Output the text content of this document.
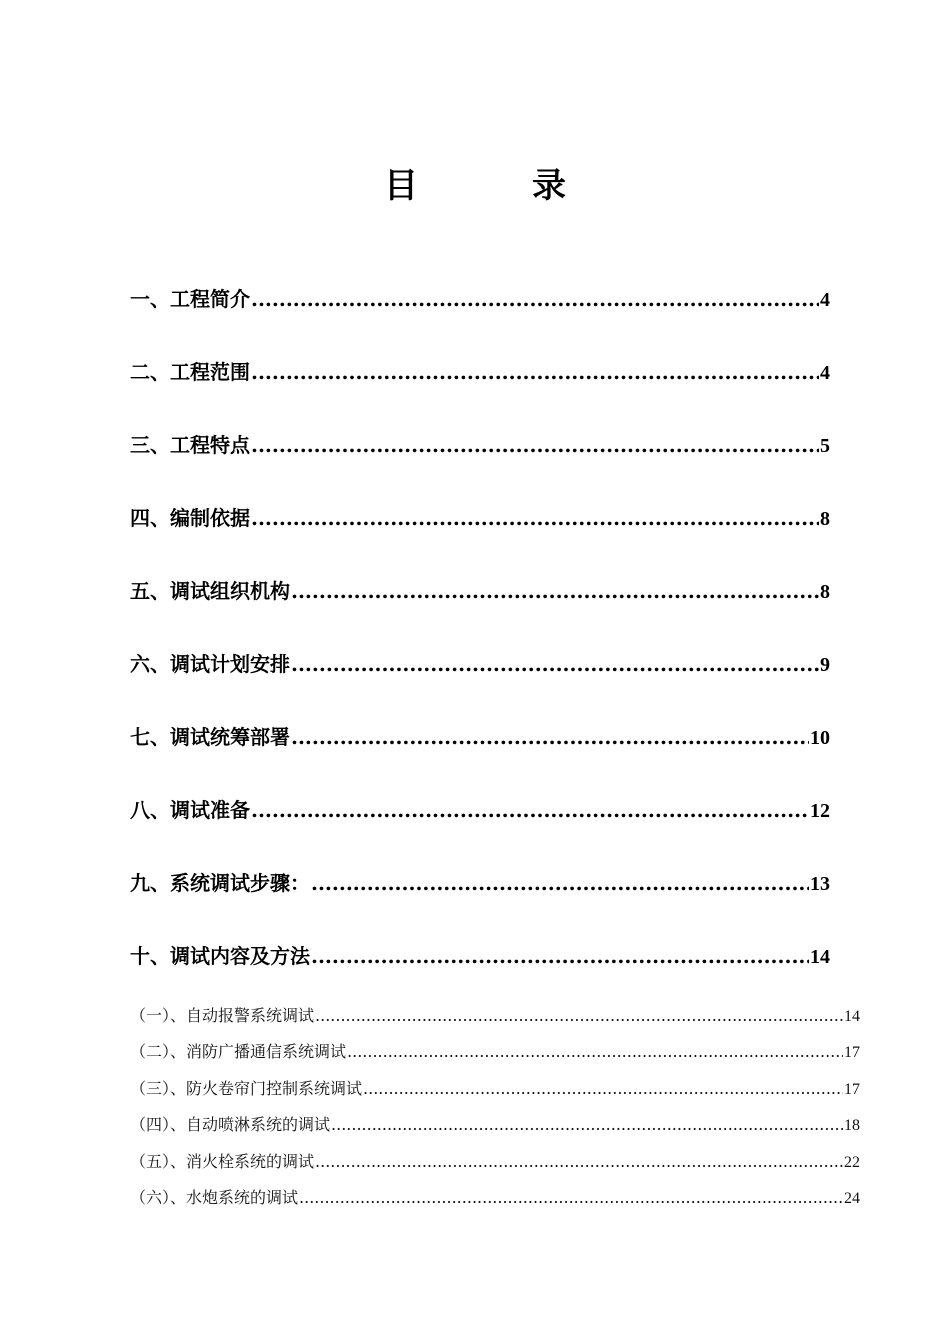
目　录
一、工程简介 .....	4
二、工程范围 .....	4
三、工程特点 .....	5
四、编制依据 .....	8
五、调试组织机构 .....	8
六、调试计划安排 .....	9
七、调试统筹部署 .....	10
八、调试准备 .....	12
九、系统调试步骤： .....	13
十、调试内容及方法 .....	14
（一）、自动报警系统调试 .....	14
（二）、消防广播通信系统调试 .....	17
（三）、防火卷帘门控制系统调试 .....	17
（四）、自动喷淋系统的调试 .....	18
（五）、消火栓系统的调试 .....	22
（六）、水炮系统的调试 .....	24
